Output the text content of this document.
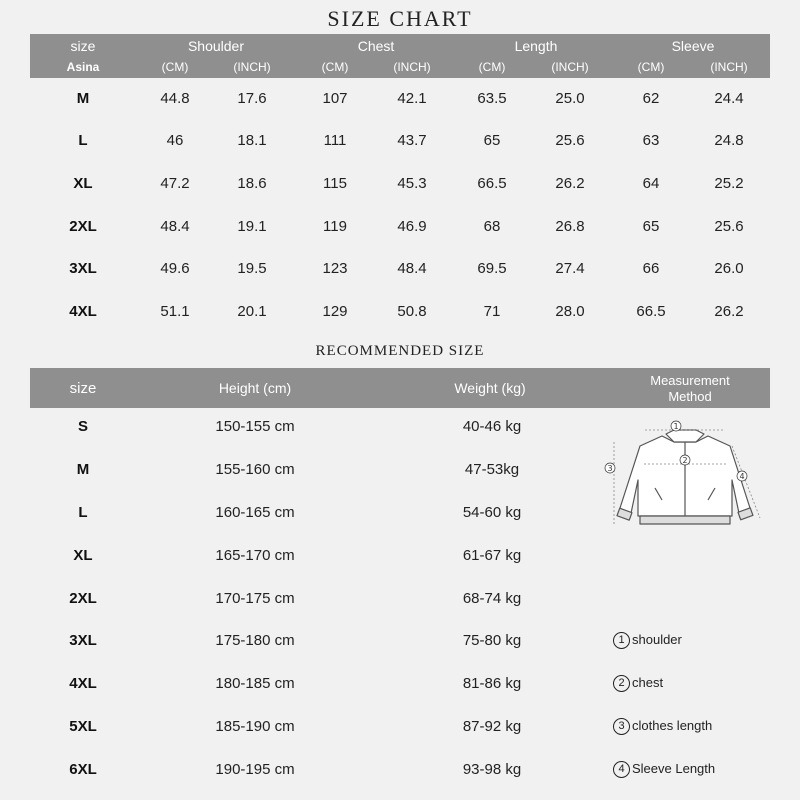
SIZE CHART
size	Shoulder	Chest	Length	Sleeve
Asina	(CM)	(INCH)	(CM)	(INCH)	(CM)	(INCH)	(CM)	(INCH)
M	44.8	17.6	107	42.1	63.5	25.0	62	24.4
L	46	18.1	111	43.7	65	25.6	63	24.8
XL	47.2	18.6	115	45.3	66.5	26.2	64	25.2
2XL	48.4	19.1	119	46.9	68	26.8	65	25.6
3XL	49.6	19.5	123	48.4	69.5	27.4	66	26.0
4XL	51.1	20.1	129	50.8	71	28.0	66.5	26.2
RECOMMENDED SIZE
size	Height (cm)	Weight (kg)	Measurement
Method
S	150-155 cm	40-46 kg
M	155-160 cm	47-53kg
L	160-165 cm	54-60 kg
XL	165-170 cm	61-67 kg
2XL	170-175 cm	68-74 kg
3XL	175-180 cm	75-80 kg
4XL	180-185 cm	81-86 kg
5XL	185-190 cm	87-92 kg
6XL	190-195 cm	93-98 kg
1
2
3
4
1 shoulder
2 chest
3 clothes length
4 Sleeve Length
